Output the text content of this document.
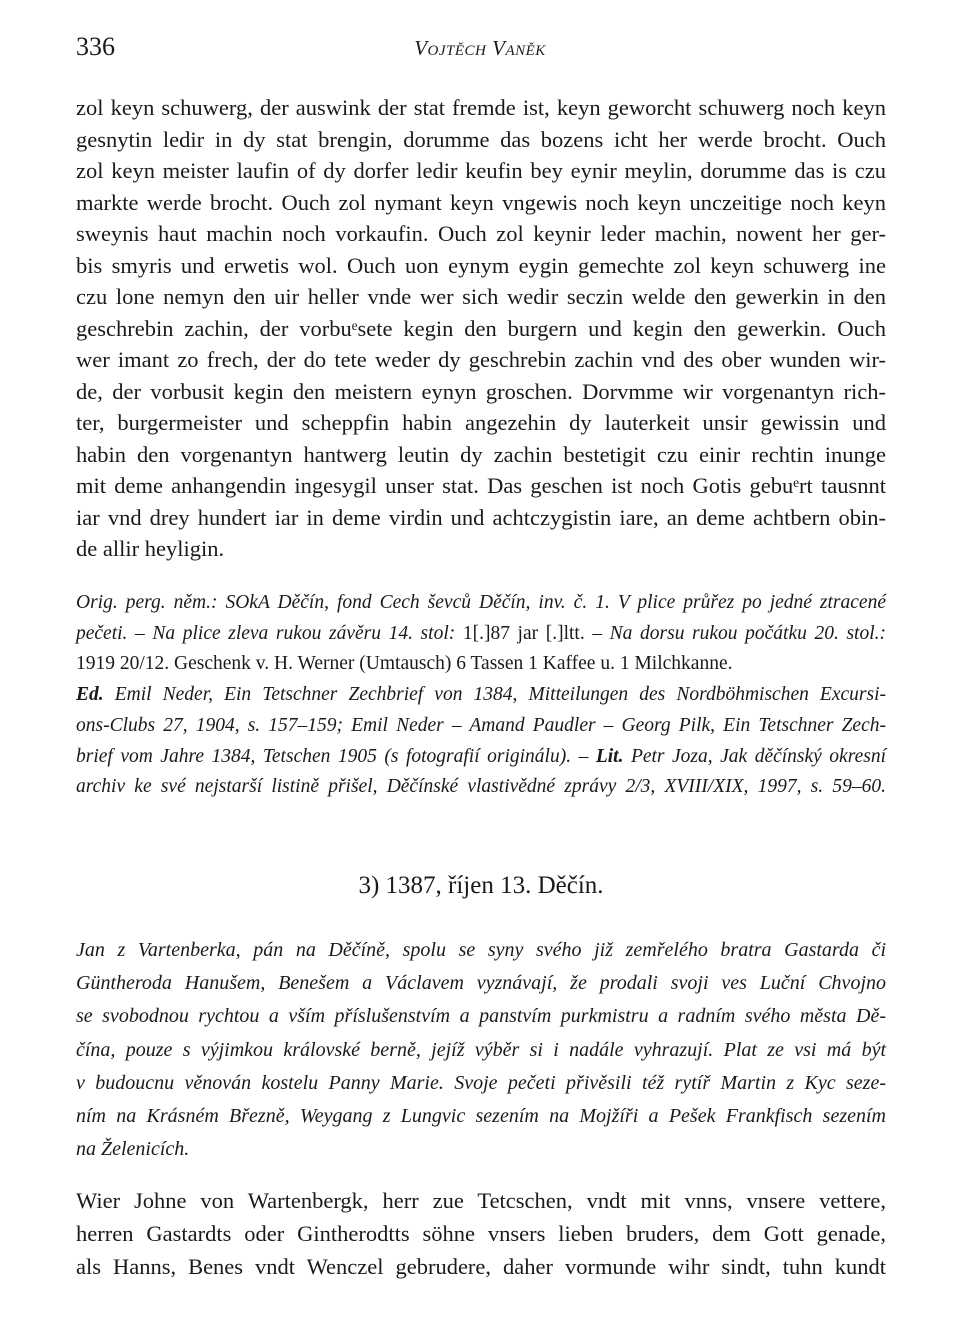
336	Vojtěch Vaněk
zol keyn schuwerg, der auswink der stat fremde ist, keyn geworcht schuwerg noch keyn
gesnytin ledir in dy stat brengin, dorumme das bozens icht her werde brocht. Ouch
zol keyn meister laufin of dy dorfer ledir keufin bey eynir meylin, dorumme das is czu
markte werde brocht. Ouch zol nymant keyn vngewis noch keyn unczeitige noch keyn
sweynis haut machin noch vorkaufin. Ouch zol keynir leder machin, nowent her ger-
bis smyris und erwetis wol. Ouch uon eynym eygin gemechte zol keyn schuwerg ine
czu lone nemyn den uir heller vnde wer sich wedir seczin welde den gewerkin in den
geschrebin zachin, der vorbuᵉsete kegin den burgern und kegin den gewerkin. Ouch
wer imant zo frech, der do tete weder dy geschrebin zachin vnd des ober wunden wir-
de, der vorbusit kegin den meistern eynyn groschen. Dorvmme wir vorgenantyn rich-
ter, burgermeister und scheppfin habin angezehin dy lauterkeit unsir gewissin und
habin den vorgenantyn hantwerg leutin dy zachin bestetigit czu einir rechtin inunge
mit deme anhangendin ingesygil unser stat. Das geschen ist noch Gotis gebuᵉrt tausnnt
iar vnd drey hundert iar in deme virdin und achtczygistin iare, an deme achtbern obin-
de allir heyligin.
Orig. perg. něm.: SOkA Děčín, fond Cech ševců Děčín, inv. č. 1. V plice průřez po jedné ztracené
pečeti. – Na plice zleva rukou závěru 14. stol: 1[.]87 jar [.]ltt. – Na dorsu rukou počátku 20. stol.:
1919 20/12. Geschenk v. H. Werner (Umtausch) 6 Tassen 1 Kaffee u. 1 Milchkanne.
Ed. Emil Neder, Ein Tetschner Zechbrief von 1384, Mitteilungen des Nordböhmischen Excursi-
ons-Clubs 27, 1904, s. 157–159; Emil Neder – Amand Paudler – Georg Pilk, Ein Tetschner Zech-
brief vom Jahre 1384, Tetschen 1905 (s fotografií originálu). – Lit. Petr Joza, Jak děčínský okresní
archiv ke své nejstarší listině přišel, Děčínské vlastivědné zprávy 2/3, XVIII/XIX, 1997, s. 59–60.
3) 1387, říjen 13. Děčín.
Jan z Vartenberka, pán na Děčíně, spolu se syny svého již zemřelého bratra Gastarda či
Güntheroda Hanušem, Benešem a Václavem vyznávají, že prodali svoji ves Luční Chvojno
se svobodnou rychtou a vším příslušenstvím a panstvím purkmistru a radním svého města Dě-
čína, pouze s výjimkou královské berně, jejíž výběr si i nadále vyhrazují. Plat ze vsi má být
v budoucnu věnován kostelu Panny Marie. Svoje pečeti přivěsili též rytíř Martin z Kyc seze-
ním na Krásném Březně, Weygang z Lungvic sezením na Mojžíři a Pešek Frankfisch sezením
na Želenicích.
Wier Johne von Wartenbergk, herr zue Tetcschen, vndt mit vnns, vnsere vettere,
herren Gastardts oder Gintherodtts söhne vnsers lieben bruders, dem Gott genade,
als Hanns, Benes vndt Wenczel gebrudere, daher vormunde wihr sindt, tuhn kundt
